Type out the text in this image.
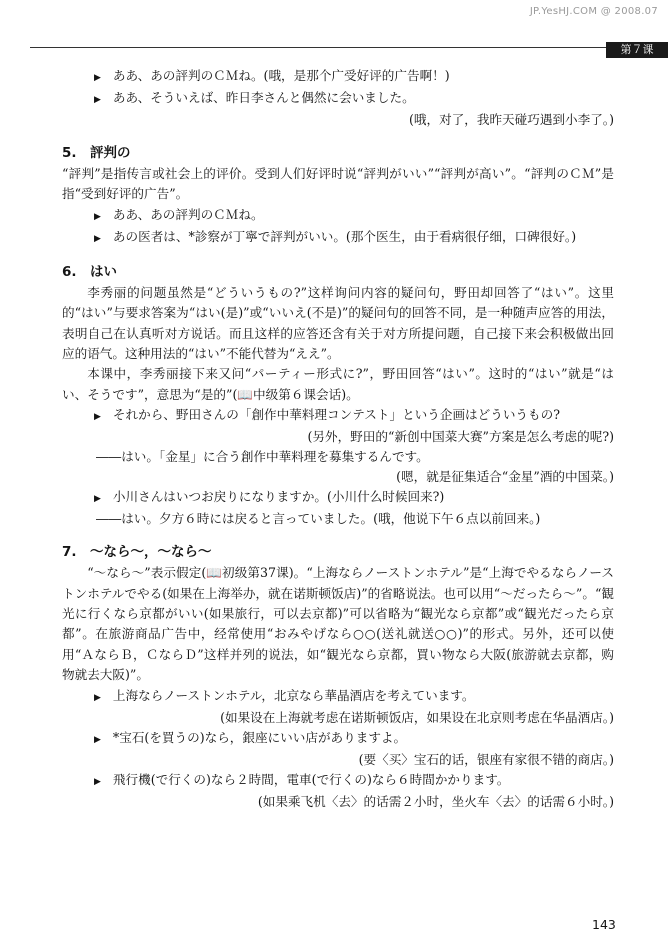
JP.YesHJ.COM @ 2008.07
第７课
▶ ああ、あの評判のＣＭね。(哦，是那个广受好评的广告啊！)
▶ ああ、そういえば、昨日李さんと偶然に会いました。
(哦，对了，我昨天碰巧遇到小李了。)
5.　評判の
“評判”是指传言或社会上的评价。受到人们好评时说“評判がいい”“評判が高い”。“評判のＣＭ”是指“受到好评的广告”。
▶ ああ、あの評判のＣＭね。
▶ あの医者は、*診察が丁寧で評判がいい。(那个医生，由于看病很仔细，口碑很好。)
6.　はい
李秀丽的问题虽然是“どういうもの?”这样询问内容的疑问句，野田却回答了“はい”。这里的“はい”与要求答案为“はい(是)”或“いいえ(不是)”的疑问句的回答不同，是一种随声应答的用法，表明自己在认真听对方说话。而且这样的应答还含有关于对方所提问题，自己接下来会积极做出回应的语气。这种用法的“はい”不能代替为“ええ”。
本课中，李秀丽接下来又问“パーティー形式に?”，野田回答“はい”。这时的“はい”就是“はい、そうです”，意思为“是的”(📖中级第６课会话)。
▶ それから、野田さんの「創作中華料理コンテスト」という企画はどういうもの?
(另外，野田的“新创中国菜大赛”方案是怎么考虑的呢?)
――はい。「金星」に合う創作中華料理を募集するんです。
(嗯，就是征集适合“金星”酒的中国菜。)
▶ 小川さんはいつお戻りになりますか。(小川什么时候回来?)
――はい。夕方６時には戻ると言っていました。(哦，他说下午６点以前回来。)
7.　～なら～，～なら～
“～なら～”表示假定(📖初级第37课)。“上海ならノーストンホテル”是“上海でやるならノーストンホテルでやる(如果在上海举办，就在诺斯顿饭店)”的省略说法。也可以用“～だったら～”。“観光に行くなら京都がいい(如果旅行，可以去京都)”可以省略为“観光なら京都”或“観光だったら京都”。在旅游商品广告中，经常使用“おみやげなら○○(送礼就送○○)”的形式。另外，还可以使用“ＡならＢ，ＣならＤ”这样并列的说法，如“観光なら京都，買い物なら大阪(旅游就去京都，购物就去大阪)”。
▶ 上海ならノーストンホテル，北京なら華晶酒店を考えています。
(如果设在上海就考虑在诺斯顿饭店，如果设在北京则考虑在华晶酒店。)
▶ *宝石(を買うの)なら，銀座にいい店がありますよ。
(要〈买〉宝石的话，银座有家很不错的商店。)
▶ 飛行機(で行くの)なら２時間，電車(で行くの)なら６時間かかります。
(如果乘飞机〈去〉的话需２小时，坐火车〈去〉的话需６小时。)
143
